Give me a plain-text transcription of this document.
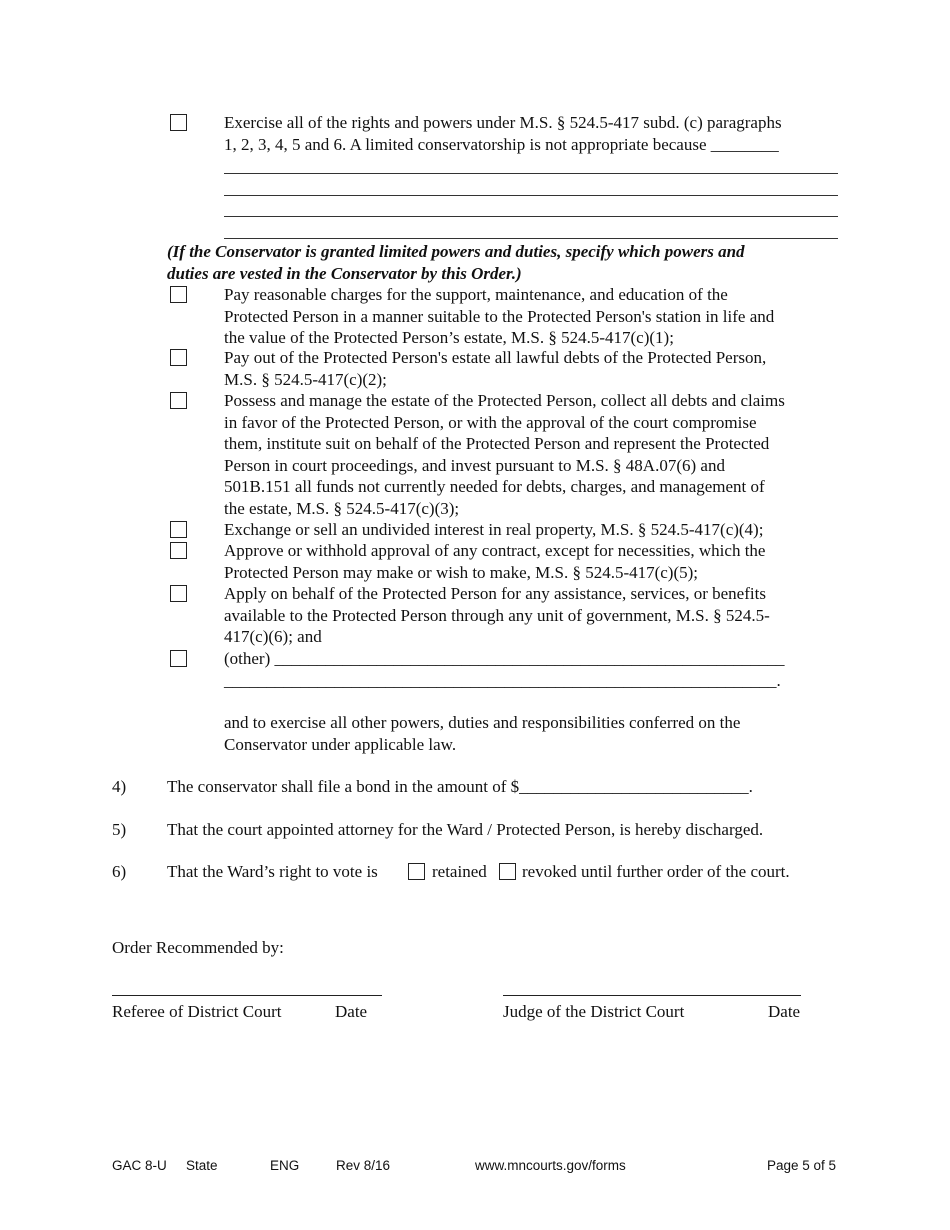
Exercise all of the rights and powers under M.S. § 524.5-417 subd. (c) paragraphs
1, 2, 3, 4, 5 and 6. A limited conservatorship is not appropriate because ________
(If the Conservator is granted limited powers and duties, specify which powers and
duties are vested in the Conservator by this Order.)
Pay reasonable charges for the support, maintenance, and education of the
Protected Person in a manner suitable to the Protected Person's station in life and
the value of the Protected Person’s estate, M.S. § 524.5-417(c)(1);
Pay out of the Protected Person's estate all lawful debts of the Protected Person,
M.S. § 524.5-417(c)(2);
Possess and manage the estate of the Protected Person, collect all debts and claims
in favor of the Protected Person, or with the approval of the court compromise
them, institute suit on behalf of the Protected Person and represent the Protected
Person in court proceedings, and invest pursuant to M.S. § 48A.07(6) and
501B.151 all funds not currently needed for debts, charges, and management of
the estate, M.S. § 524.5-417(c)(3);
Exchange or sell an undivided interest in real property, M.S. § 524.5-417(c)(4);
Approve or withhold approval of any contract, except for necessities, which the
Protected Person may make or wish to make, M.S. § 524.5-417(c)(5);
Apply on behalf of the Protected Person for any assistance, services, or benefits
available to the Protected Person through any unit of government, M.S. § 524.5-
417(c)(6); and
(other) ____________________________________________________________
_________________________________________________________________.
and to exercise all other powers, duties and responsibilities conferred on the
Conservator under applicable law.
4) The conservator shall file a bond in the amount of $___________________________.
5) That the court appointed attorney for the Ward / Protected Person, is hereby discharged.
6) That the Ward’s right to vote is	retained revoked until further order of the court.
Order Recommended by:
Referee of District Court	Date	Judge of the District Court	Date
GAC 8-U State	ENG	Rev 8/16	www.mncourts.gov/forms	Page 5 of 5
